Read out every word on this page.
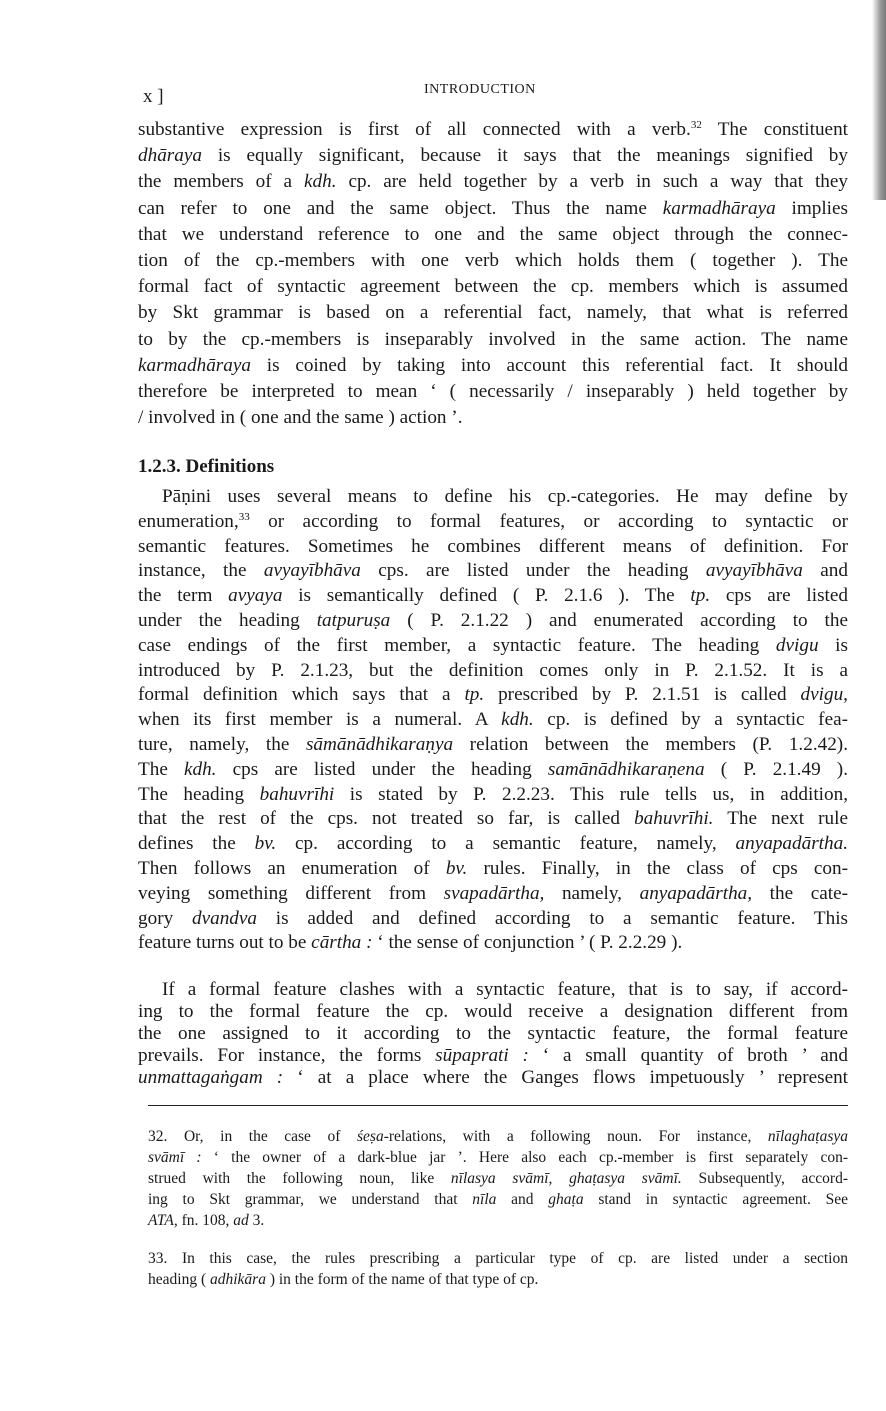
x ]	INTRODUCTION
substantive expression is first of all connected with a verb.$^{32}$ The constituent
dhāraya is equally significant, because it says that the meanings signified by
the members of a kdh. cp. are held together by a verb in such a way that they
can refer to one and the same object. Thus the name karmadhāraya implies
that we understand reference to one and the same object through the connec-
tion of the cp.-members with one verb which holds them ( together ). The
formal fact of syntactic agreement between the cp. members which is assumed
by Skt grammar is based on a referential fact, namely, that what is referred
to by the cp.-members is inseparably involved in the same action. The name
karmadhāraya is coined by taking into account this referential fact. It should
therefore be interpreted to mean ‘ ( necessarily / inseparably ) held together by
/ involved in ( one and the same ) action ’.
1.2.3. Definitions
Pāṇini uses several means to define his cp.-categories. He may define by
enumeration,$^{33}$ or according to formal features, or according to syntactic or
semantic features. Sometimes he combines different means of definition. For
instance, the avyayībhāva cps. are listed under the heading avyayībhāva and
the term avyaya is semantically defined ( P. 2.1.6 ). The tp. cps are listed
under the heading tatpuruṣa ( P. 2.1.22 ) and enumerated according to the
case endings of the first member, a syntactic feature. The heading dvigu is
introduced by P. 2.1.23, but the definition comes only in P. 2.1.52. It is a
formal definition which says that a tp. prescribed by P. 2.1.51 is called dvigu,
when its first member is a numeral. A kdh. cp. is defined by a syntactic fea-
ture, namely, the sāmānādhikaraṇya relation between the members (P. 1.2.42).
The kdh. cps are listed under the heading samānādhikaraṇena ( P. 2.1.49 ).
The heading bahuvrīhi is stated by P. 2.2.23. This rule tells us, in addition,
that the rest of the cps. not treated so far, is called bahuvrīhi. The next rule
defines the bv. cp. according to a semantic feature, namely, anyapadārtha.
Then follows an enumeration of bv. rules. Finally, in the class of cps con-
veying something different from svapadārtha, namely, anyapadārtha, the cate-
gory dvandva is added and defined according to a semantic feature. This
feature turns out to be cārtha : ‘ the sense of conjunction ’ ( P. 2.2.29 ).
If a formal feature clashes with a syntactic feature, that is to say, if accord-
ing to the formal feature the cp. would receive a designation different from
the one assigned to it according to the syntactic feature, the formal feature
prevails. For instance, the forms sūpaprati : ‘ a small quantity of broth ’ and
unmattagaṅgam : ‘ at a place where the Ganges flows impetuously ’ represent
32. Or, in the case of śeṣa-relations, with a following noun. For instance, nīlaghaṭasya
svāmī : ‘ the owner of a dark-blue jar ’. Here also each cp.-member is first separately con-
strued with the following noun, like nīlasya svāmī, ghaṭasya svāmī. Subsequently, accord-
ing to Skt grammar, we understand that nīla and ghaṭa stand in syntactic agreement. See
ATA, fn. 108, ad 3.
33. In this case, the rules prescribing a particular type of cp. are listed under a section
heading ( adhikāra ) in the form of the name of that type of cp.
